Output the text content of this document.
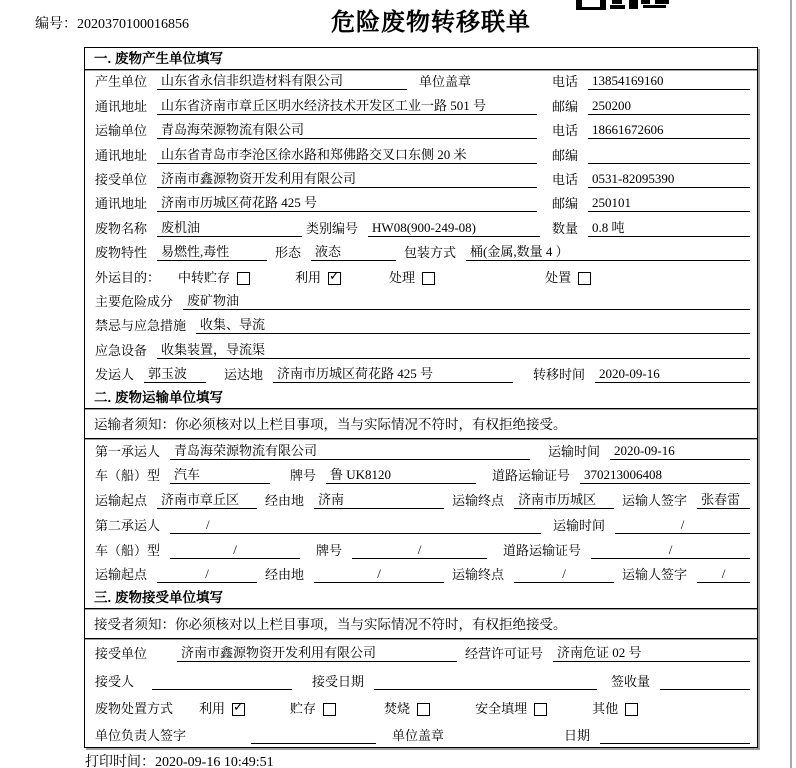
编号：2020370100016856	危险废物转移联单
一. 废物产生单位填写
产生单位	山东省永信非织造材料有限公司	单位盖章	电话	13854169160
通讯地址	山东省济南市章丘区明水经济技术开发区工业一路 501 号	邮编	250200
运输单位	青岛海荣源物流有限公司	电话	18661672606
通讯地址	山东省青岛市李沧区徐水路和郑佛路交叉口东侧 20 米	邮编
接受单位	济南市鑫源物资开发利用有限公司	电话	0531-82095390
通讯地址	济南市历城区荷花路 425 号	邮编	250101
废物名称	废机油	类别编号	HW08(900-249-08)	数量	0.8 吨
废物特性	易燃性,毒性	形态	液态	包装方式	桶(金属,数量 4 ）
外运目的： 中转贮存	利用 ✓	处理	处置
主要危险成分	废矿物油
禁忌与应急措施	收集、导流
应急设备	收集装置，导流渠
发运人	郭玉波	运达地	济南市历城区荷花路 425 号	转移时间	2020-09-16
二. 废物运输单位填写
运输者须知：你必须核对以上栏目事项，当与实际情况不符时，有权拒绝接受。
第一承运人	青岛海荣源物流有限公司	运输时间	2020-09-16
车（船）型	汽车	牌号	鲁 UK8120	道路运输证号	370213006408
运输起点	济南市章丘区	经由地	济南	运输终点	济南市历城区	运输人签字	张春雷
第二承运人	/	运输时间	/
车（船）型	/	牌号	/	道路运输证号	/
运输起点	/	经由地	/	运输终点	/	运输人签字	/
三. 废物接受单位填写
接受者须知：你必须核对以上栏目事项，当与实际情况不符时，有权拒绝接受。
接受单位	济南市鑫源物资开发利用有限公司	经营许可证号	济南危证 02 号
接受人	接受日期	签收量
废物处置方式 利用 ✓	贮存	焚烧	安全填埋	其他
单位负责人签字	单位盖章	日期
打印时间：2020-09-16 10:49:51
